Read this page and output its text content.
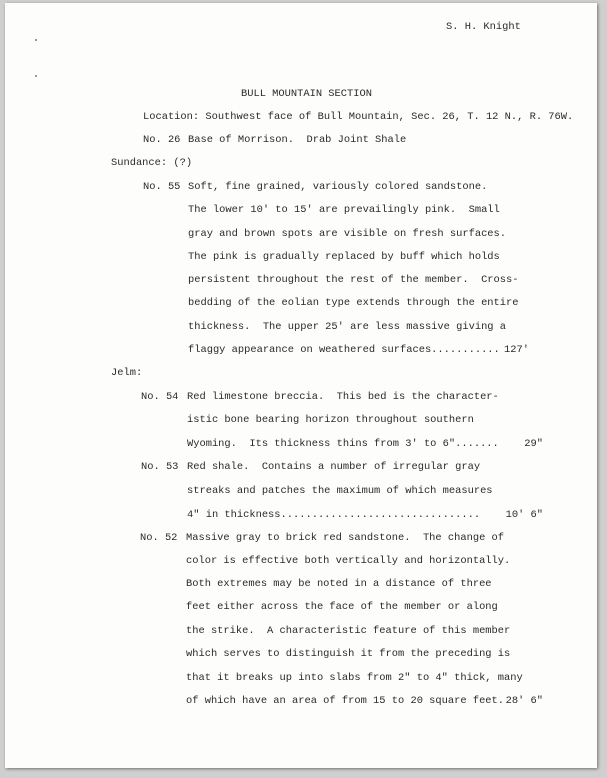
S. H. Knight
BULL MOUNTAIN SECTION
Location: Southwest face of Bull Mountain, Sec. 26, T. 12 N., R. 76W.
No. 26 Base of Morrison.  Drab Joint Shale
Sundance: (?)
No. 55 Soft, fine grained, variously colored sandstone.
The lower 10' to 15' are prevailingly pink.  Small
gray and brown spots are visible on fresh surfaces.
The pink is gradually replaced by buff which holds
persistent throughout the rest of the member.  Cross-
bedding of the eolian type extends through the entire
thickness.  The upper 25' are less massive giving a
flaggy appearance on weathered surfaces........... 127'
Jelm:
No. 54 Red limestone breccia.  This bed is the character-
istic bone bearing horizon throughout southern
Wyoming.  Its thickness thins from 3' to 6"....... 29"
No. 53 Red shale.  Contains a number of irregular gray
streaks and patches the maximum of which measures
4" in thickness................................ 10' 6"
No. 52 Massive gray to brick red sandstone.  The change of
color is effective both vertically and horizontally.
Both extremes may be noted in a distance of three
feet either across the face of the member or along
the strike.  A characteristic feature of this member
which serves to distinguish it from the preceding is
that it breaks up into slabs from 2" to 4" thick, many
of which have an area of from 15 to 20 square feet. 28' 6"
